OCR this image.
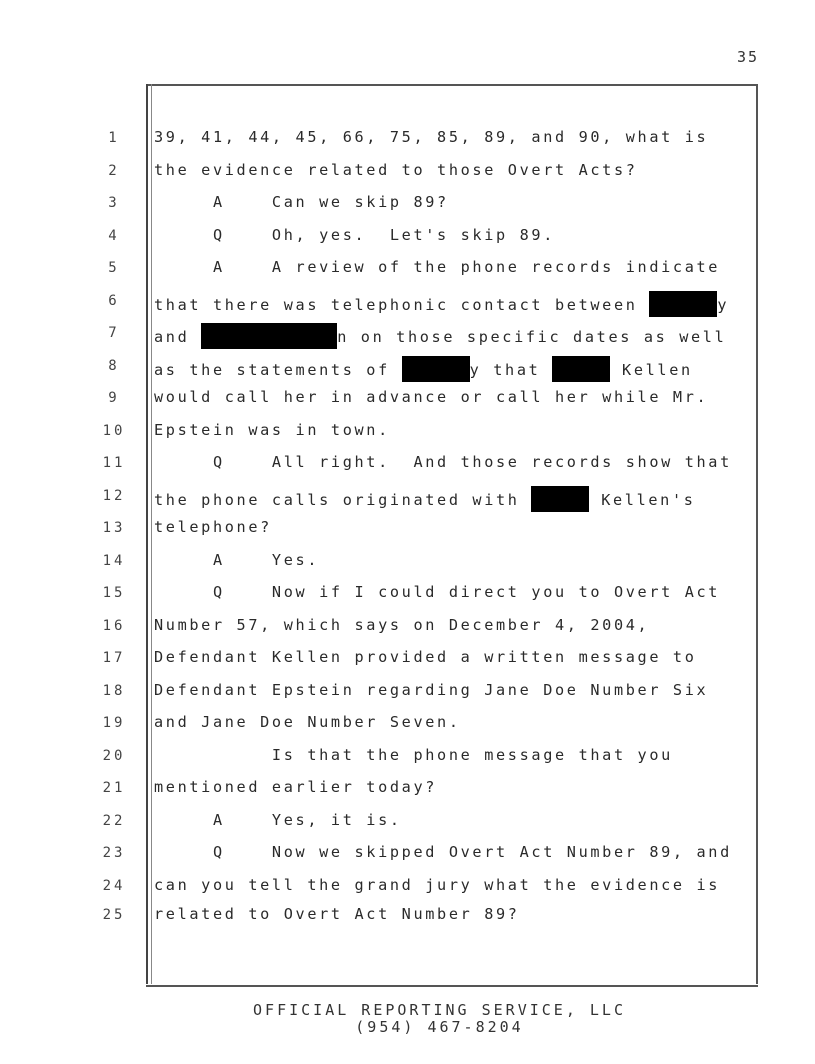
35
1	39, 41, 44, 45, 66, 75, 85, 89, and 90, what is
2	the evidence related to those Overt Acts?
3	A    Can we skip 89?
4	Q    Oh, yes.  Let's skip 89.
5	A    A review of the phone records indicate
6	that there was telephonic contact between	y
7	and	n on those specific dates as well
8	as the statements of	y that	Kellen
9	would call her in advance or call her while Mr.
10	Epstein was in town.
11	Q    All right.  And those records show that
12	the phone calls originated with	Kellen's
13	telephone?
14	A    Yes.
15	Q    Now if I could direct you to Overt Act
16	Number 57, which says on December 4, 2004,
17	Defendant Kellen provided a written message to
18	Defendant Epstein regarding Jane Doe Number Six
19	and Jane Doe Number Seven.
20	Is that the phone message that you
21	mentioned earlier today?
22	A    Yes, it is.
23	Q    Now we skipped Overt Act Number 89, and
24	can you tell the grand jury what the evidence is
25	related to Overt Act Number 89?
OFFICIAL REPORTING SERVICE, LLC
(954) 467-8204
